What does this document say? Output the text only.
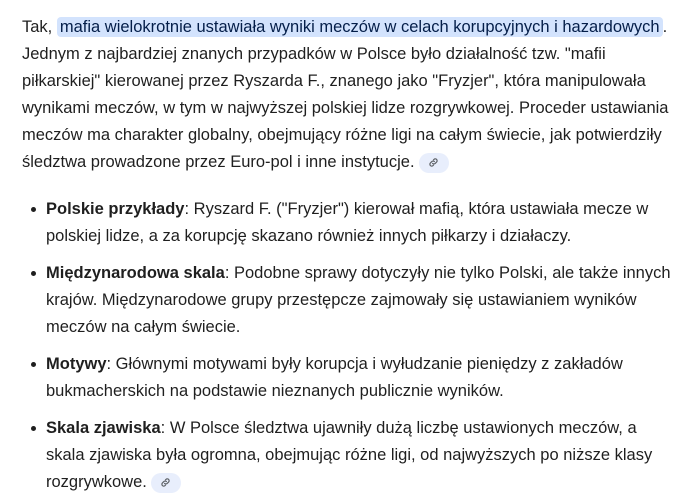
Tak, mafia wielokrotnie ustawiała wyniki meczów w celach korupcyjnych i hazardowych . Jednym z najbardziej znanych przypadków w Polsce było działalność tzw. "mafii piłkarskiej" kierowanej przez Ryszarda F., znanego jako "Fryzjer", która manipulowała wynikami meczów, w tym w najwyższej polskiej lidze rozgrywkowej. Proceder ustawiania meczów ma charakter globalny, obejmujący różne ligi na całym świecie, jak potwierdziły śledztwa prowadzone przez Euro-pol i inne instytucje.

Polskie przykłady: Ryszard F. ("Fryzjer") kierował mafią, która ustawiała mecze w polskiej lidze, a za korupcję skazano również innych piłkarzy i działaczy.
Międzynarodowa skala: Podobne sprawy dotyczyły nie tylko Polski, ale także innych krajów. Międzynarodowe grupy przestępcze zajmowały się ustawianiem wyników meczów na całym świecie.
Motywy: Głównymi motywami były korupcja i wyłudzanie pieniędzy z zakładów bukmacherskich na podstawie nieznanych publicznie wyników.
Skala zjawiska: W Polsce śledztwa ujawniły dużą liczbę ustawionych meczów, a skala zjawiska była ogromna, obejmując różne ligi, od najwyższych po niższe klasy rozgrywkowe.
